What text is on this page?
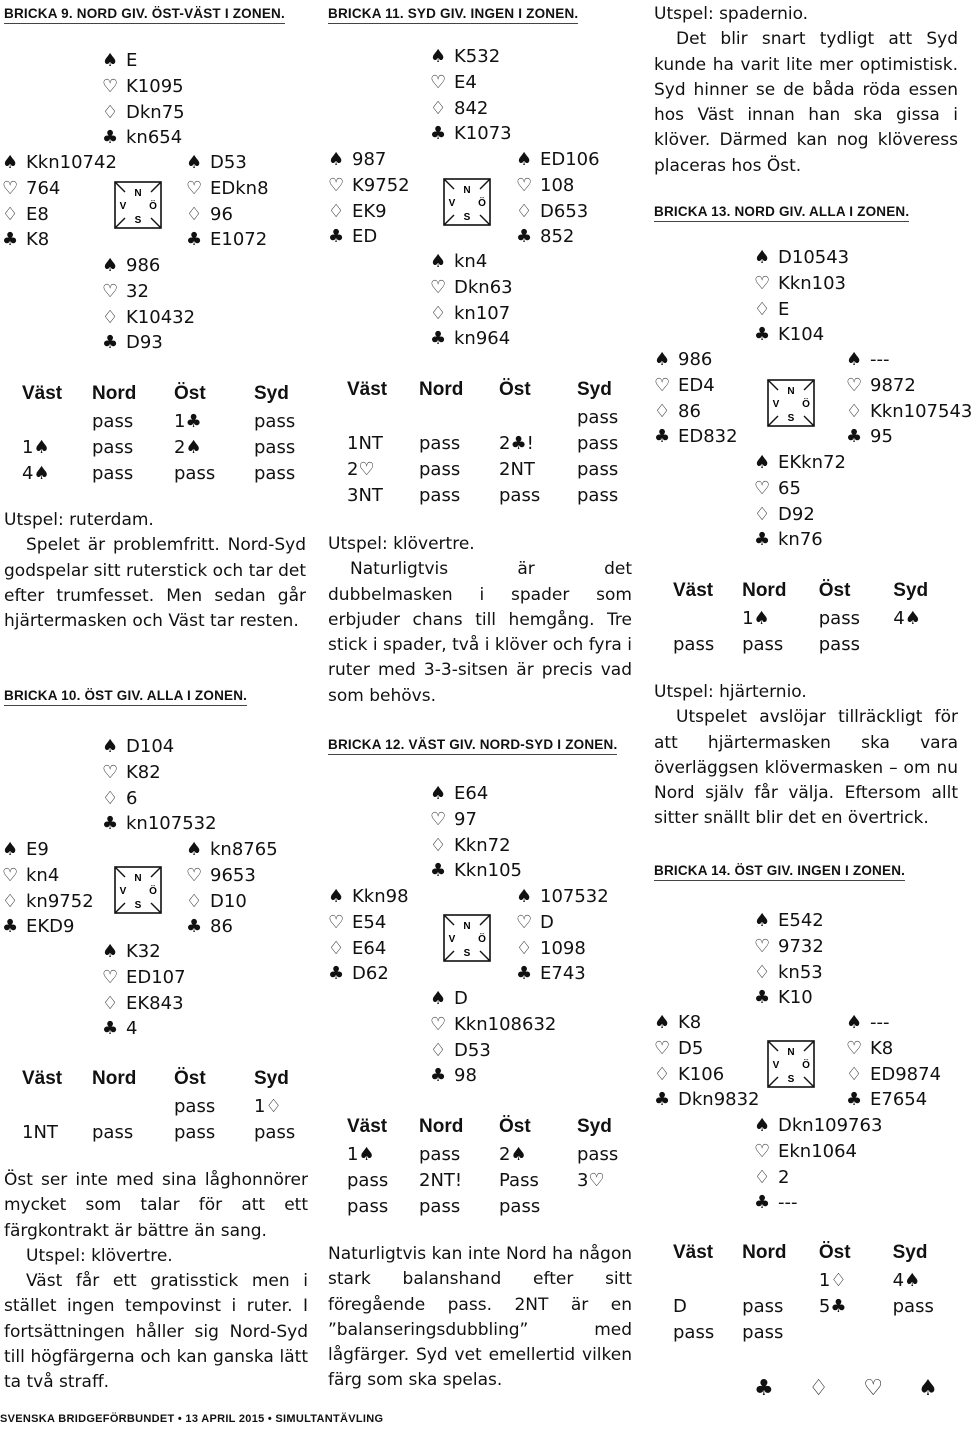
BRICKA 9. NORD GIV. ÖST-VÄST I ZONEN.
♠ E
♡ K1095
♢ Dkn75
♣ kn654
♠ Kkn10742
♡ 764
♢ E8
♣ K8
N
V Ö
S
♠ D53
♡ EDkn8
♢ 96
♣ E1072
♠ 986
♡ 32
♢ K10432
♣ D93
Väst	Nord	Öst	Syd
	pass	1♣	pass
1♠	pass	2♠	pass
4♠	pass	pass	pass

Utspel: ruterdam.

Spelet är problemfritt. Nord-Syd godspelar sitt ruterstick och tar det efter trumfesset. Men sedan går hjärtermasken och Väst tar resten.

BRICKA 10. ÖST GIV. ALLA I ZONEN.
♠ D104
♡ K82
♢ 6
♣ kn107532
♠ E9
♡ kn4
♢ kn9752
♣ EKD9
N
V Ö
S
♠ kn8765
♡ 9653
♢ D10
♣ 86
♠ K32
♡ ED107
♢ EK843
♣ 4
Väst	Nord	Öst	Syd
		pass	1♢
1NT	pass	pass	pass

Öst ser inte med sina låghonnörer mycket som talar för att ett färgkontrakt är bättre än sang.

Utspel: klövertre.

Väst får ett gratisstick men i stället ingen tempovinst i ruter. I fortsättningen håller sig Nord-Syd till högfärgerna och kan ganska lätt ta två straff.

BRICKA 11. SYD GIV. INGEN I ZONEN.
♠ K532
♡ E4
♢ 842
♣ K1073
♠ 987
♡ K9752
♢ EK9
♣ ED
N
V Ö
S
♠ ED106
♡ 108
♢ D653
♣ 852
♠ kn4
♡ Dkn63
♢ kn107
♣ kn964
Väst	Nord	Öst	Syd
			pass
1NT	pass	2♣!	pass
2♡	pass	2NT	pass
3NT	pass	pass	pass

Utspel: klövertre.

Naturligtvis är det dubbelmasken i spader som erbjuder chans till hemgång. Tre stick i spader, två i klöver och fyra i ruter med 3-3-sitsen är precis vad som behövs.

BRICKA 12. VÄST GIV. NORD-SYD I ZONEN.
♠ E64
♡ 97
♢ Kkn72
♣ Kkn105
♠ Kkn98
♡ E54
♢ E64
♣ D62
N
V Ö
S
♠ 107532
♡ D
♢ 1098
♣ E743
♠ D
♡ Kkn108632
♢ D53
♣ 98
Väst	Nord	Öst	Syd
1♠	pass	2♠	pass
pass	2NT!	Pass	3♡
pass	pass	pass	

Naturligtvis kan inte Nord ha någon stark balanshand efter sitt föregående pass. 2NT är en ”balanseringsdubbling” med lågfärger. Syd vet emellertid vilken färg som ska spelas.

Utspel: spadernio.

Det blir snart tydligt att Syd kunde ha varit lite mer optimistisk. Syd hinner se de båda röda essen hos Väst innan han ska gissa i klöver. Därmed kan nog klöveress placeras hos Öst.

BRICKA 13. NORD GIV. ALLA I ZONEN.
♠ D10543
♡ Kkn103
♢ E
♣ K104
♠ 986
♡ ED4
♢ 86
♣ ED832
N
V Ö
S
♠ ---
♡ 9872
♢ Kkn107543
♣ 95
♠ EKkn72
♡ 65
♢ D92
♣ kn76
Väst	Nord	Öst	Syd
	1♠	pass	4♠
pass	pass	pass	

Utspel: hjärternio.

Utspelet avslöjar tillräckligt för att hjärtermasken ska vara överläggsen klövermasken – om nu Nord själv får välja. Eftersom allt sitter snällt blir det en övertrick.

BRICKA 14. ÖST GIV. INGEN I ZONEN.
♠ E542
♡ 9732
♢ kn53
♣ K10
♠ K8
♡ D5
♢ K106
♣ Dkn9832
N
V Ö
S
♠ ---
♡ K8
♢ ED9874
♣ E7654
♠ Dkn109763
♡ Ekn1064
♢ 2
♣ ---
Väst	Nord	Öst	Syd
		1♢	4♠
D	pass	5♣	pass
pass	pass		
♣ ♢ ♡ ♠
SVENSKA BRIDGEFÖRBUNDET • 13 APRIL 2015 • SIMULTANTÄVLING
